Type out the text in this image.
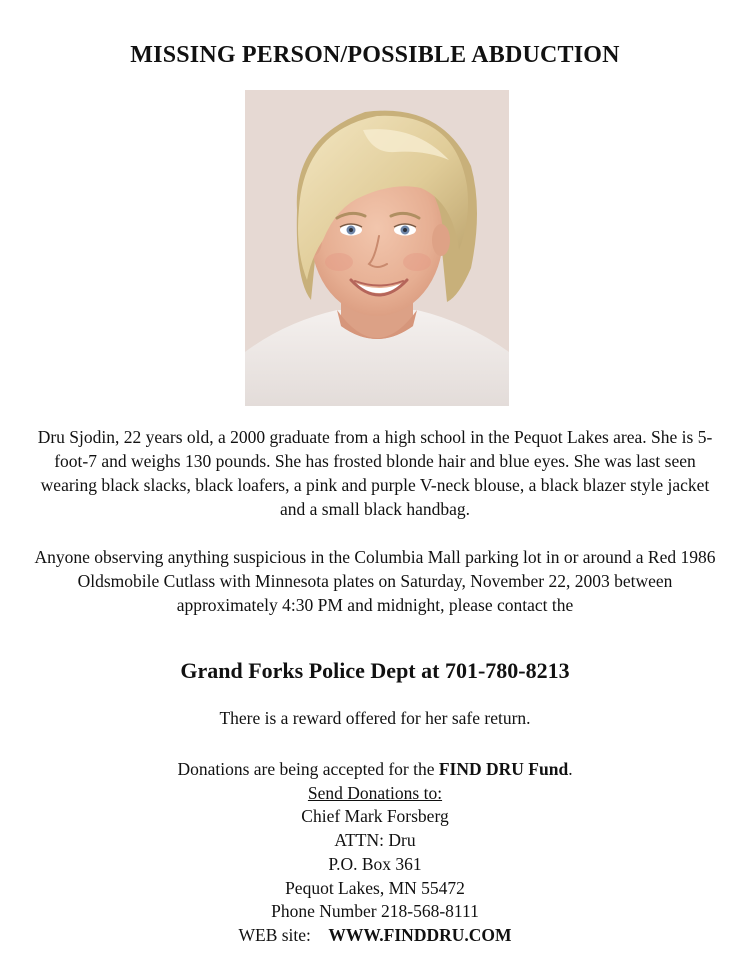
MISSING PERSON/POSSIBLE ABDUCTION

Dru Sjodin, 22 years old, a 2000 graduate from a high school in the Pequot Lakes area. She is 5-foot-7 and weighs 130 pounds. She has frosted blonde hair and blue eyes. She was last seen wearing black slacks, black loafers, a pink and purple V-neck blouse, a black blazer style jacket and a small black handbag.

Anyone observing anything suspicious in the Columbia Mall parking lot in or around a Red 1986 Oldsmobile Cutlass with Minnesota plates on Saturday, November 22, 2003 between approximately 4:30 PM and midnight, please contact the

Grand Forks Police Dept at 701-780-8213

There is a reward offered for her safe return.

Donations are being accepted for the FIND DRU Fund.
Send Donations to:
Chief Mark Forsberg
ATTN: Dru
P.O. Box 361
Pequot Lakes, MN 55472
Phone Number 218-568-8111
WEB site: WWW.FINDDRU.COM
